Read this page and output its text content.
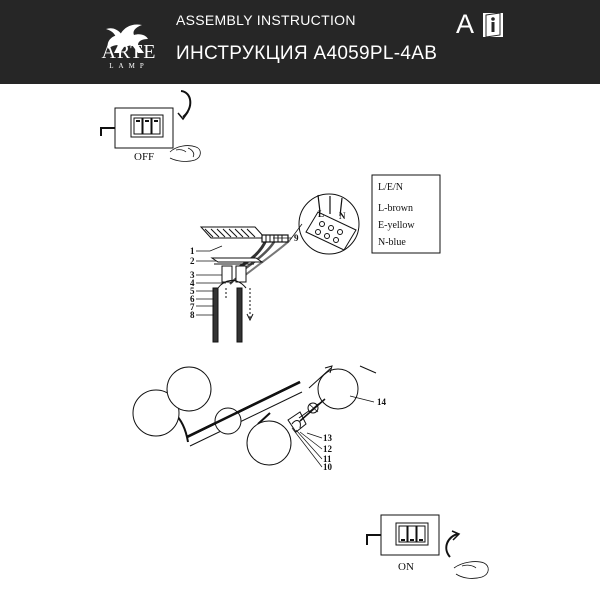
ARTE
LAMP
ASSEMBLY INSTRUCTION
ИНСТРУКЦИЯ A4059PL-4AB
A
OFF
ON
L N
L/E/N
L-brown
E-yellow
N-blue
1
2
3
4
5
6
7
8
9
13
12
11
10
14
